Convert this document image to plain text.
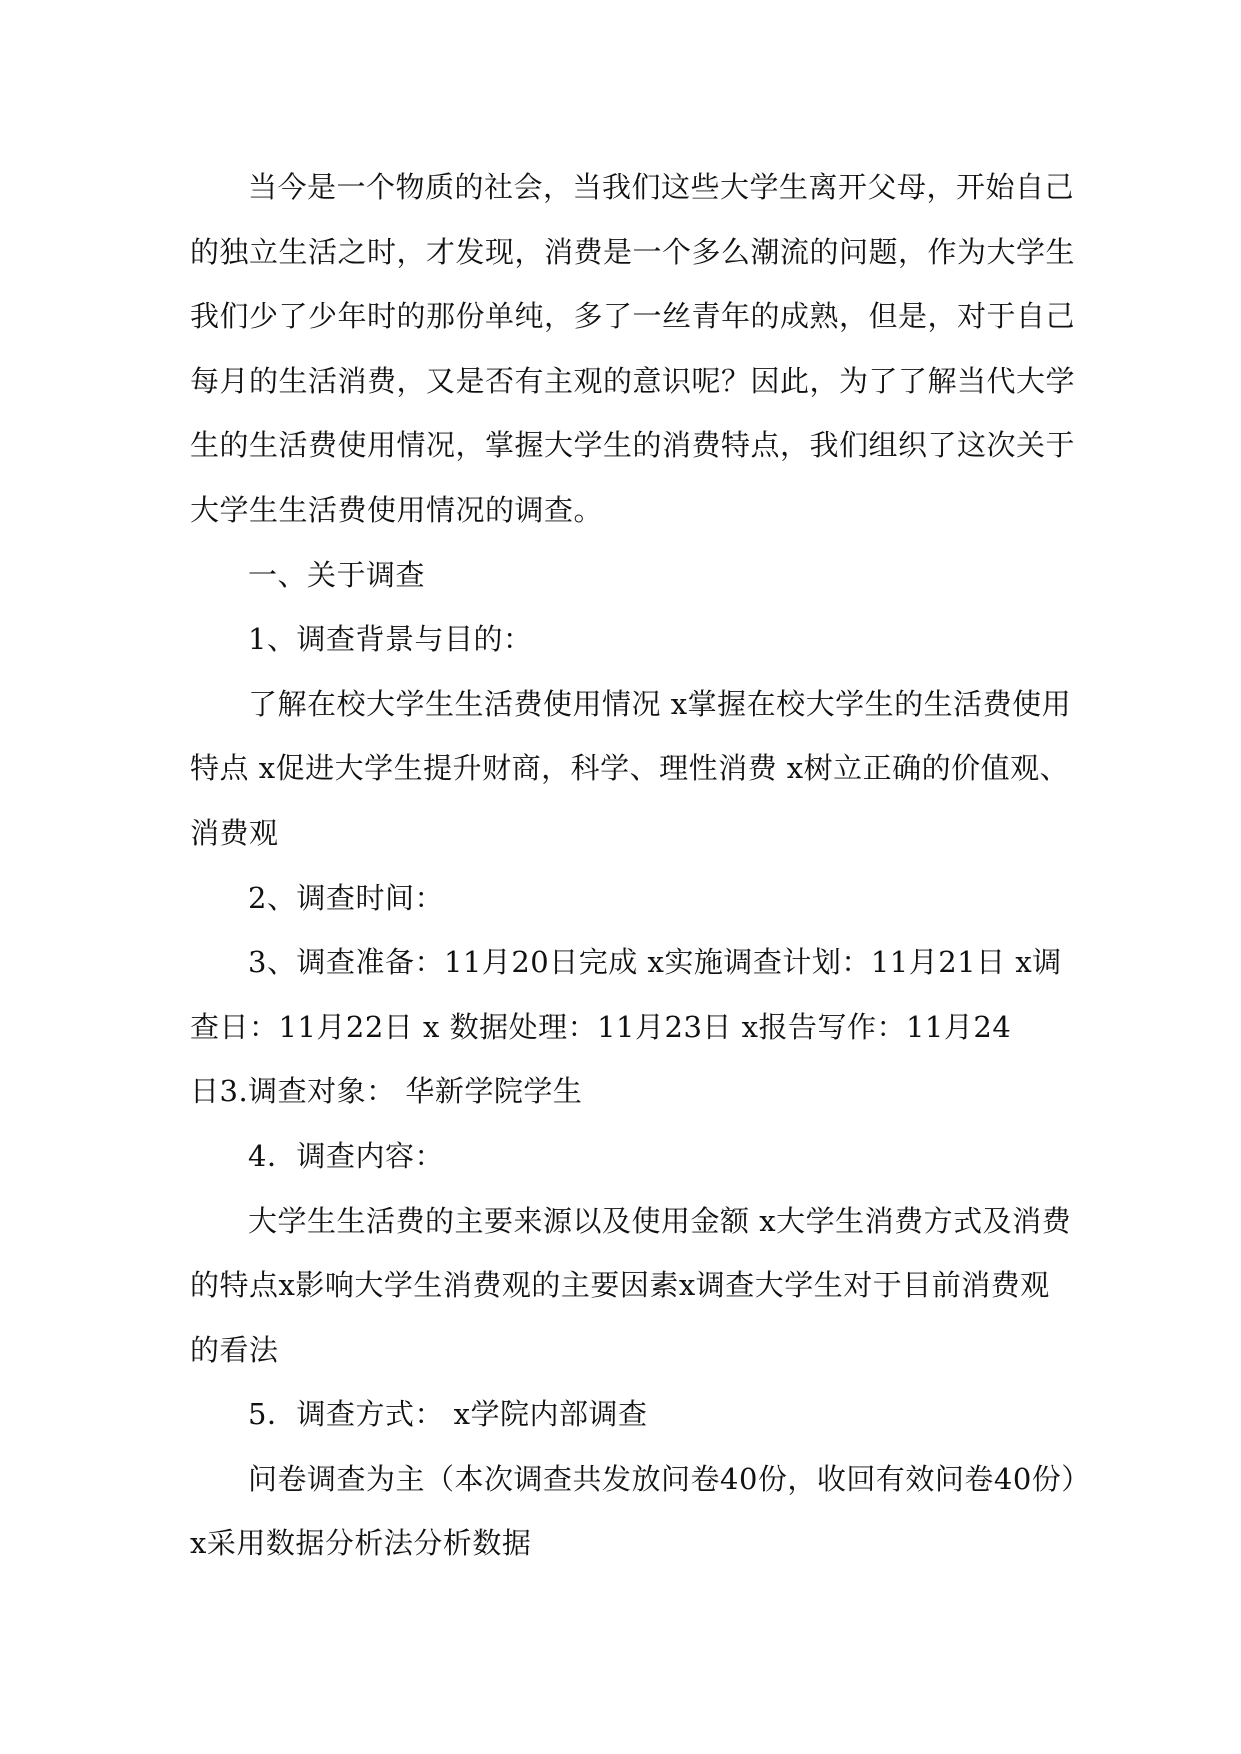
当今是一个物质的社会，当我们这些大学生离开父母，开始自己
的独立生活之时，才发现，消费是一个多么潮流的问题，作为大学生
我们少了少年时的那份单纯，多了一丝青年的成熟，但是，对于自己
每月的生活消费，又是否有主观的意识呢？因此，为了了解当代大学
生的生活费使用情况，掌握大学生的消费特点，我们组织了这次关于
大学生生活费使用情况的调查。

一、关于调查

1、调查背景与目的：

了解在校大学生生活费使用情况 x掌握在校大学生的生活费使用
特点 x促进大学生提升财商，科学、理性消费 x树立正确的价值观、
消费观

2、调查时间：

3、调查准备：11月20日完成 x实施调查计划：11月21日 x调
查日：11月22日 x 数据处理：11月23日 x报告写作：11月24
日3.调查对象： 华新学院学生

4．调查内容：

大学生生活费的主要来源以及使用金额 x大学生消费方式及消费
的特点x影响大学生消费观的主要因素x调查大学生对于目前消费观
的看法

5．调查方式： x学院内部调查

问卷调查为主（本次调查共发放问卷40份，收回有效问卷40份）
x采用数据分析法分析数据
